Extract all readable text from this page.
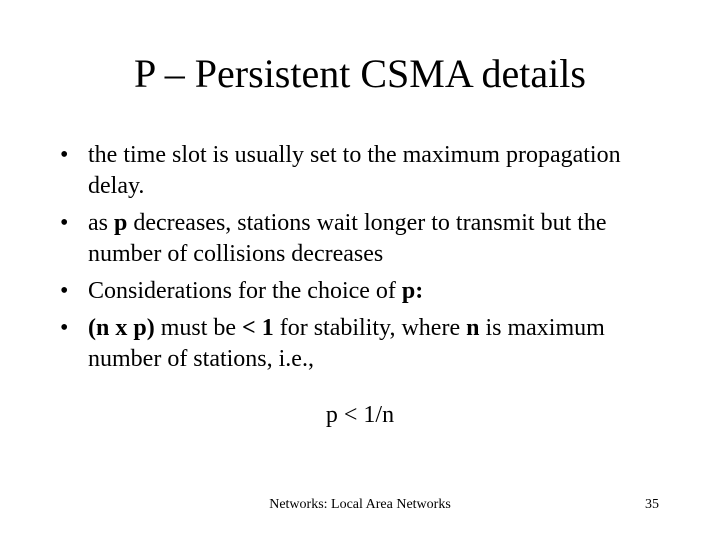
P – Persistent CSMA details
• the time slot is usually set to the maximum propagation delay.
• as p decreases, stations wait longer to transmit but the number of collisions decreases
• Considerations for the choice of p:
• (n x p) must be < 1 for stability, where n is maximum number of stations, i.e.,
p < 1/n
Networks: Local Area Networks	35
